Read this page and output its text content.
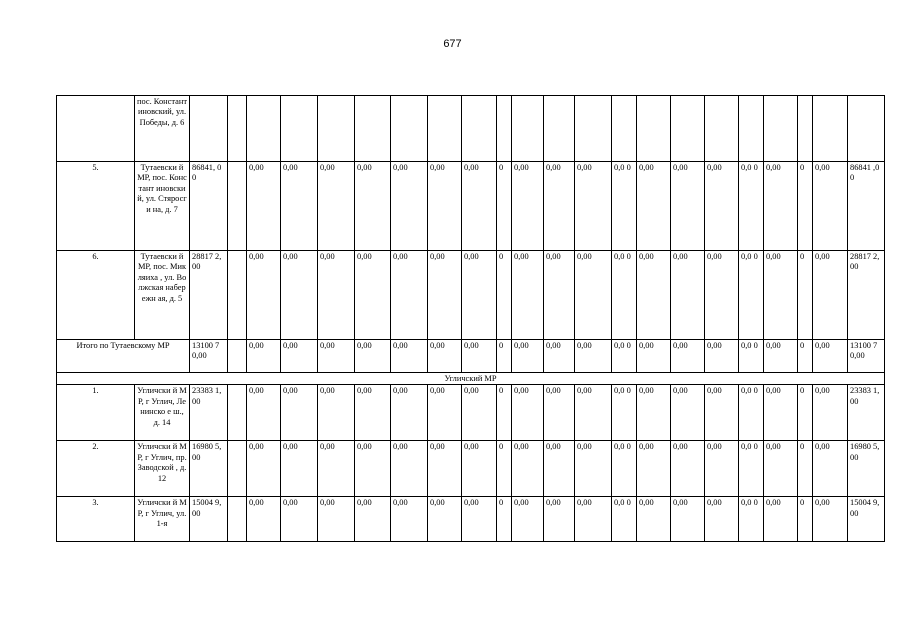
677
	пос. Констант иновский, ул. Победы, д. 6																						
5.	Тутаевски й МР, пос. Констант иновский, ул. Стяросги на, д. 7	86841, 00		0,00	0,00	0,00	0,00	0,00	0,00	0,00	0	0,00	0,00	0,00	0,0 0	0,00	0,00	0,00	0,0 0	0,00	0	0,00	86841 ,00
6.	Тутаевски й МР, пос. Микляиха , ул. Волжская набережн ая, д. 5	28817 2,00		0,00	0,00	0,00	0,00	0,00	0,00	0,00	0	0,00	0,00	0,00	0,0 0	0,00	0,00	0,00	0,0 0	0,00	0	0,00	28817 2,00
Итого по Тутаевскому МР		13100 70,00		0,00	0,00	0,00	0,00	0,00	0,00	0,00	0	0,00	0,00	0,00	0,0 0	0,00	0,00	0,00	0,0 0	0,00	0	0,00	13100 70,00
Угличский МР																							
1.	Угличски й МР, г Углич, Ленинско е ш., д. 14	23383 1,00		0,00	0,00	0,00	0,00	0,00	0,00	0,00	0	0,00	0,00	0,00	0,0 0	0,00	0,00	0,00	0,0 0	0,00	0	0,00	23383 1,00
2.	Угличски й МР, г Углич, пр. Заводской , д. 12	16980 5,00		0,00	0,00	0,00	0,00	0,00	0,00	0,00	0	0,00	0,00	0,00	0,0 0	0,00	0,00	0,00	0,0 0	0,00	0	0,00	16980 5,00
3.	Угличски й МР, г Углич, ул. 1-я	15004 9,00		0,00	0,00	0,00	0,00	0,00	0,00	0,00	0	0,00	0,00	0,00	0,0 0	0,00	0,00	0,00	0,0 0	0,00	0	0,00	15004 9,00
